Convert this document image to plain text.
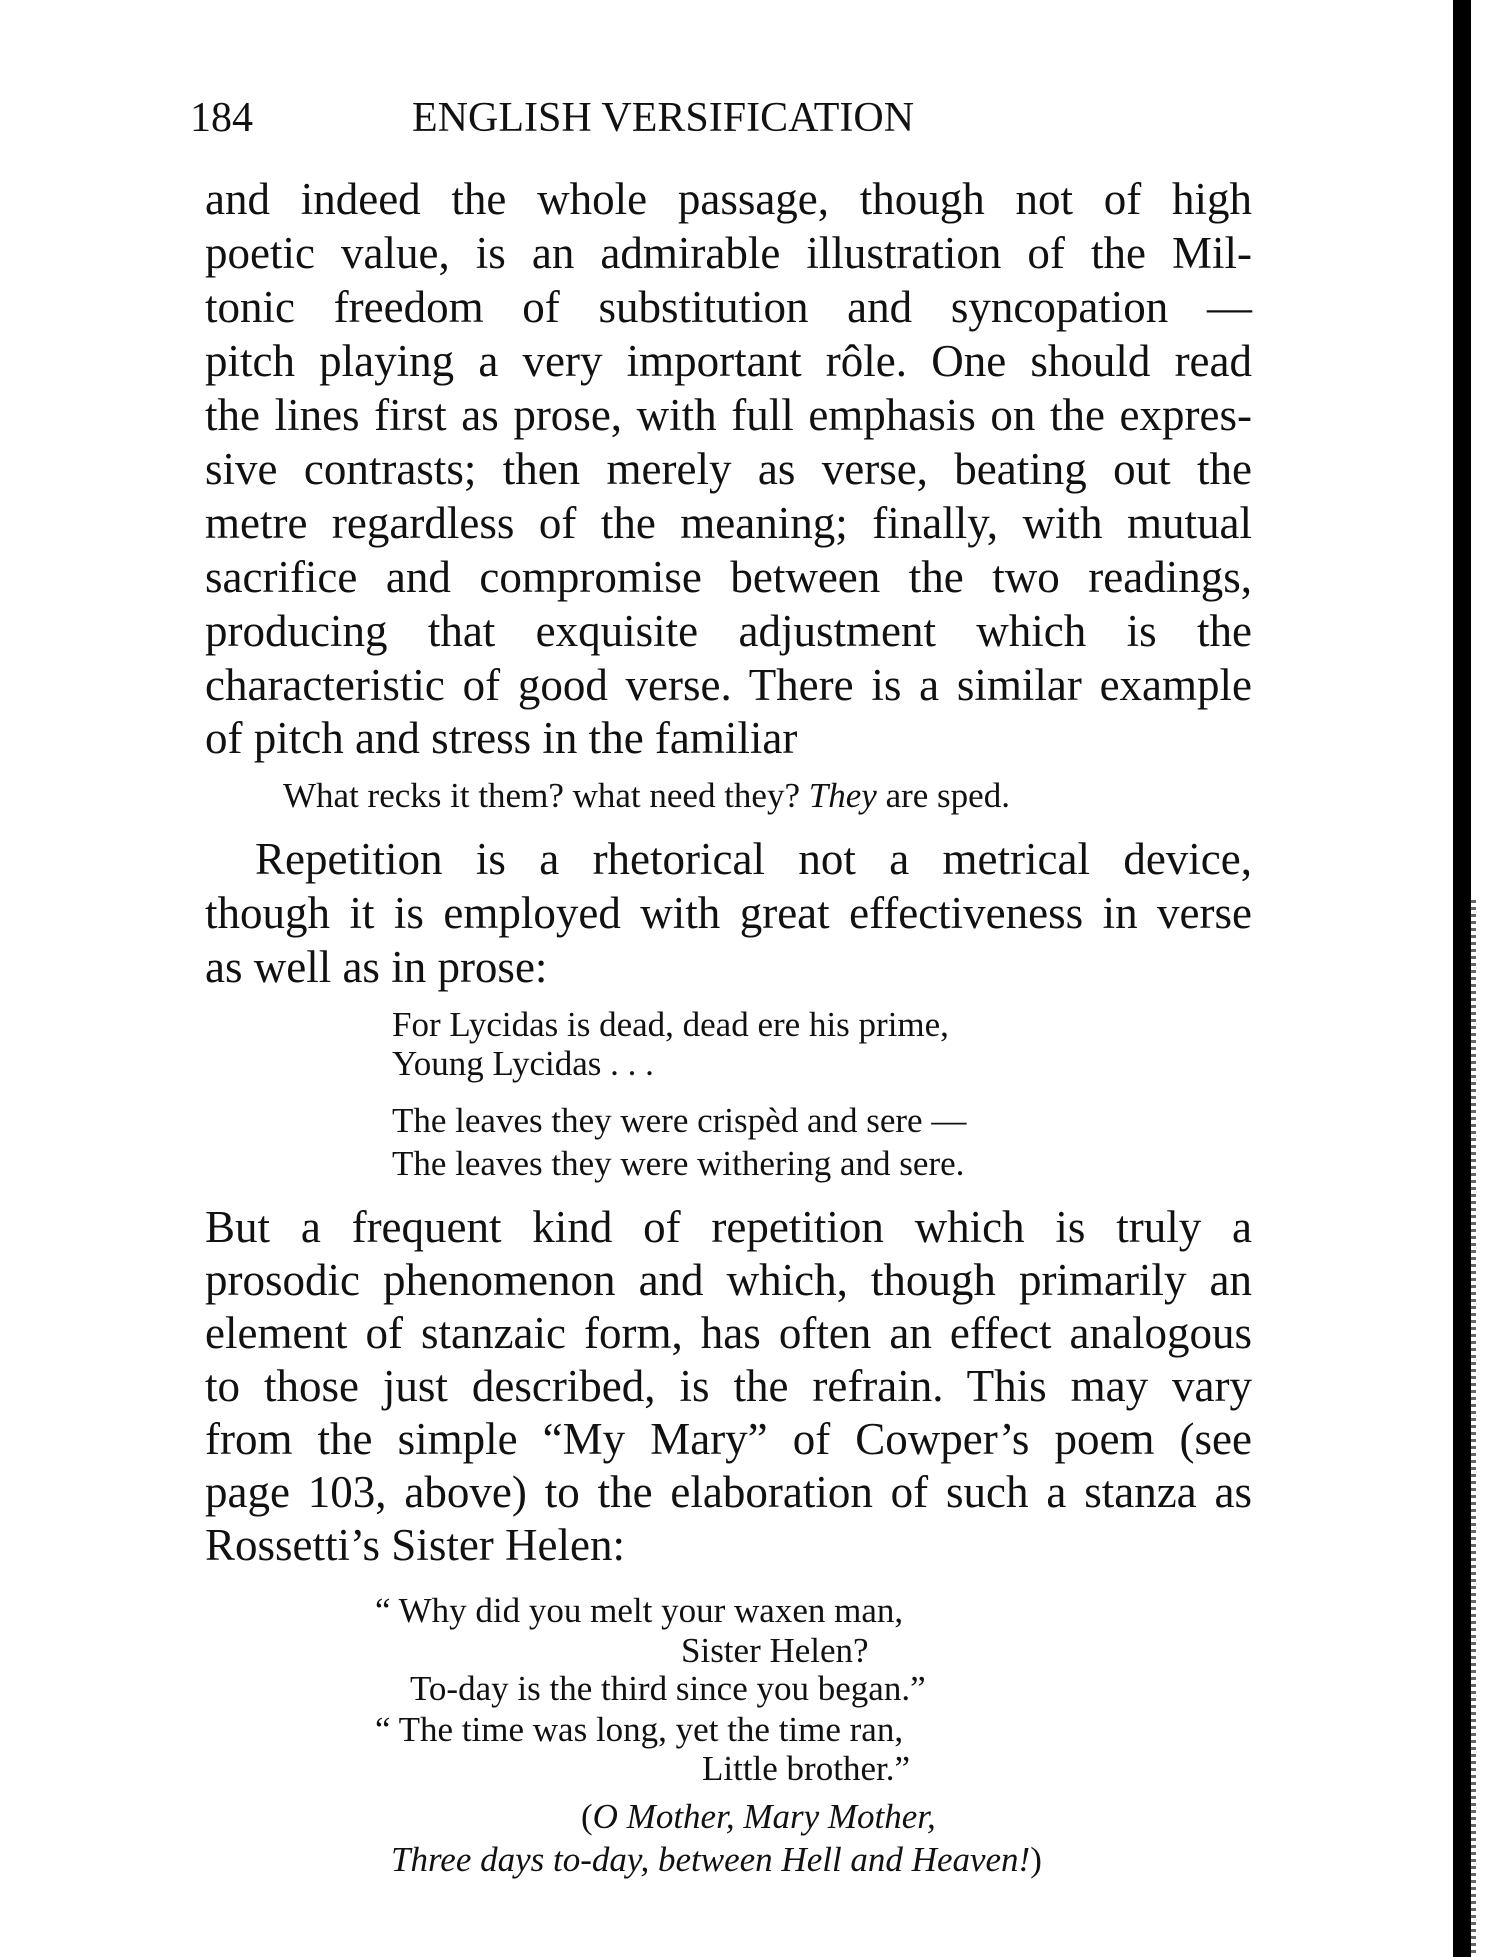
184	ENGLISH VERSIFICATION
and indeed the whole passage, though not of high
poetic value, is an admirable illustration of the Mil-
tonic freedom of substitution and syncopation —
pitch playing a very important rôle. One should read
the lines first as prose, with full emphasis on the expres-
sive contrasts; then merely as verse, beating out the
metre regardless of the meaning; finally, with mutual
sacrifice and compromise between the two readings,
producing that exquisite adjustment which is the
characteristic of good verse. There is a similar example
of pitch and stress in the familiar
What recks it them? what need they? They are sped.
Repetition is a rhetorical not a metrical device,
though it is employed with great effectiveness in verse
as well as in prose:
For Lycidas is dead, dead ere his prime,
Young Lycidas . . .
The leaves they were crispèd and sere —
The leaves they were withering and sere.
But a frequent kind of repetition which is truly a
prosodic phenomenon and which, though primarily an
element of stanzaic form, has often an effect analogous
to those just described, is the refrain. This may vary
from the simple “My Mary” of Cowper’s poem (see
page 103, above) to the elaboration of such a stanza as
Rossetti’s Sister Helen:
“ Why did you melt your waxen man,
Sister Helen?
To-day is the third since you began.”
“ The time was long, yet the time ran,
Little brother.”
(O Mother, Mary Mother,
Three days to-day, between Hell and Heaven!)
